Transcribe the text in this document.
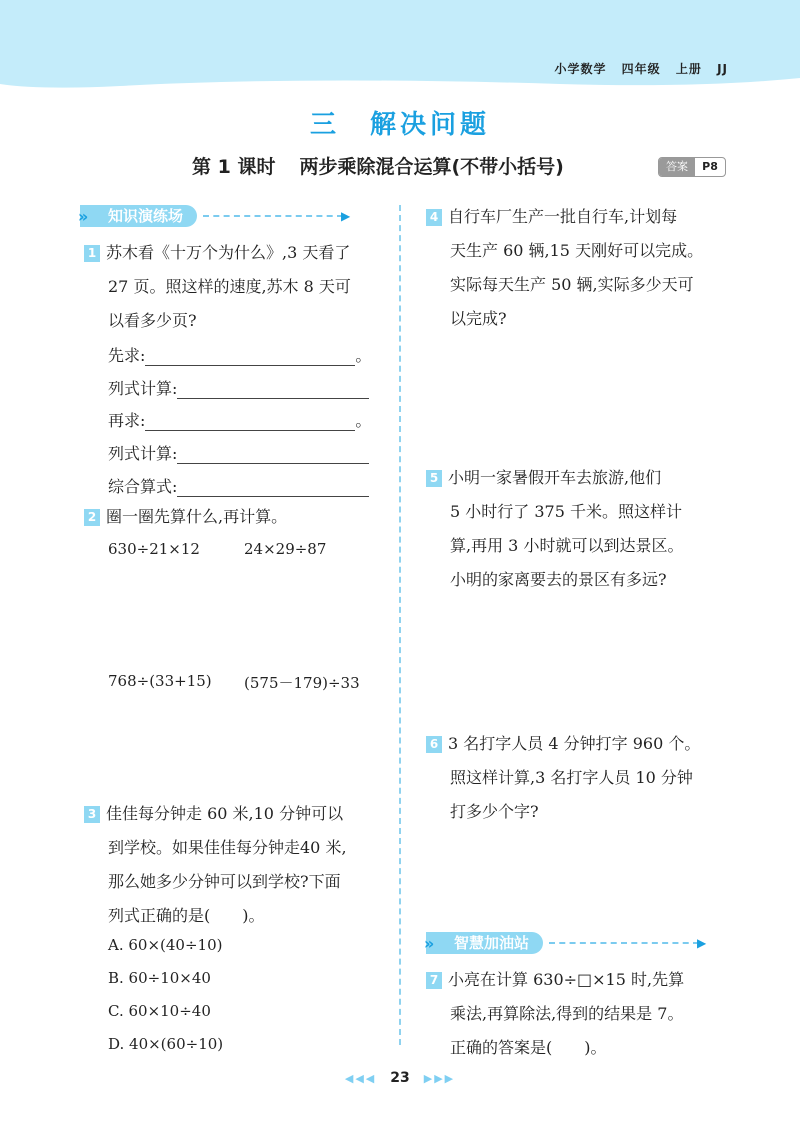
小学数学 四年级 上册 JJ
三　解决问题
第 1 课时 两步乘除混合运算(不带小括号)	答案	P8
» 知识演练场	▶
1 苏木看《十万个为什么》,3 天看了
27 页。照这样的速度,苏木 8 天可
以看多少页?
先求:	。
列式计算:
再求:	。
列式计算:
综合算式:
2 圈一圈先算什么,再计算。
630÷21×12	24×29÷87
768÷(33+15) (575－179)÷33
3 佳佳每分钟走 60 米,10 分钟可以
到学校。如果佳佳每分钟走40 米,
那么她多少分钟可以到学校?下面
列式正确的是(　　)。
A. 60×(40÷10)
B. 60÷10×40
C. 60×10÷40
D. 40×(60÷10)
4 自行车厂生产一批自行车,计划每
天生产 60 辆,15 天刚好可以完成。
实际每天生产 50 辆,实际多少天可
以完成?
5 小明一家暑假开车去旅游,他们
5 小时行了 375 千米。照这样计
算,再用 3 小时就可以到达景区。
小明的家离要去的景区有多远?
6 3 名打字人员 4 分钟打字 960 个。
照这样计算,3 名打字人员 10 分钟
打多少个字?
» 智慧加油站	▶
7 小亮在计算 630÷□×15 时,先算
乘法,再算除法,得到的结果是 7。
正确的答案是(　　)。
◀◀◀ 23 ▶▶▶
